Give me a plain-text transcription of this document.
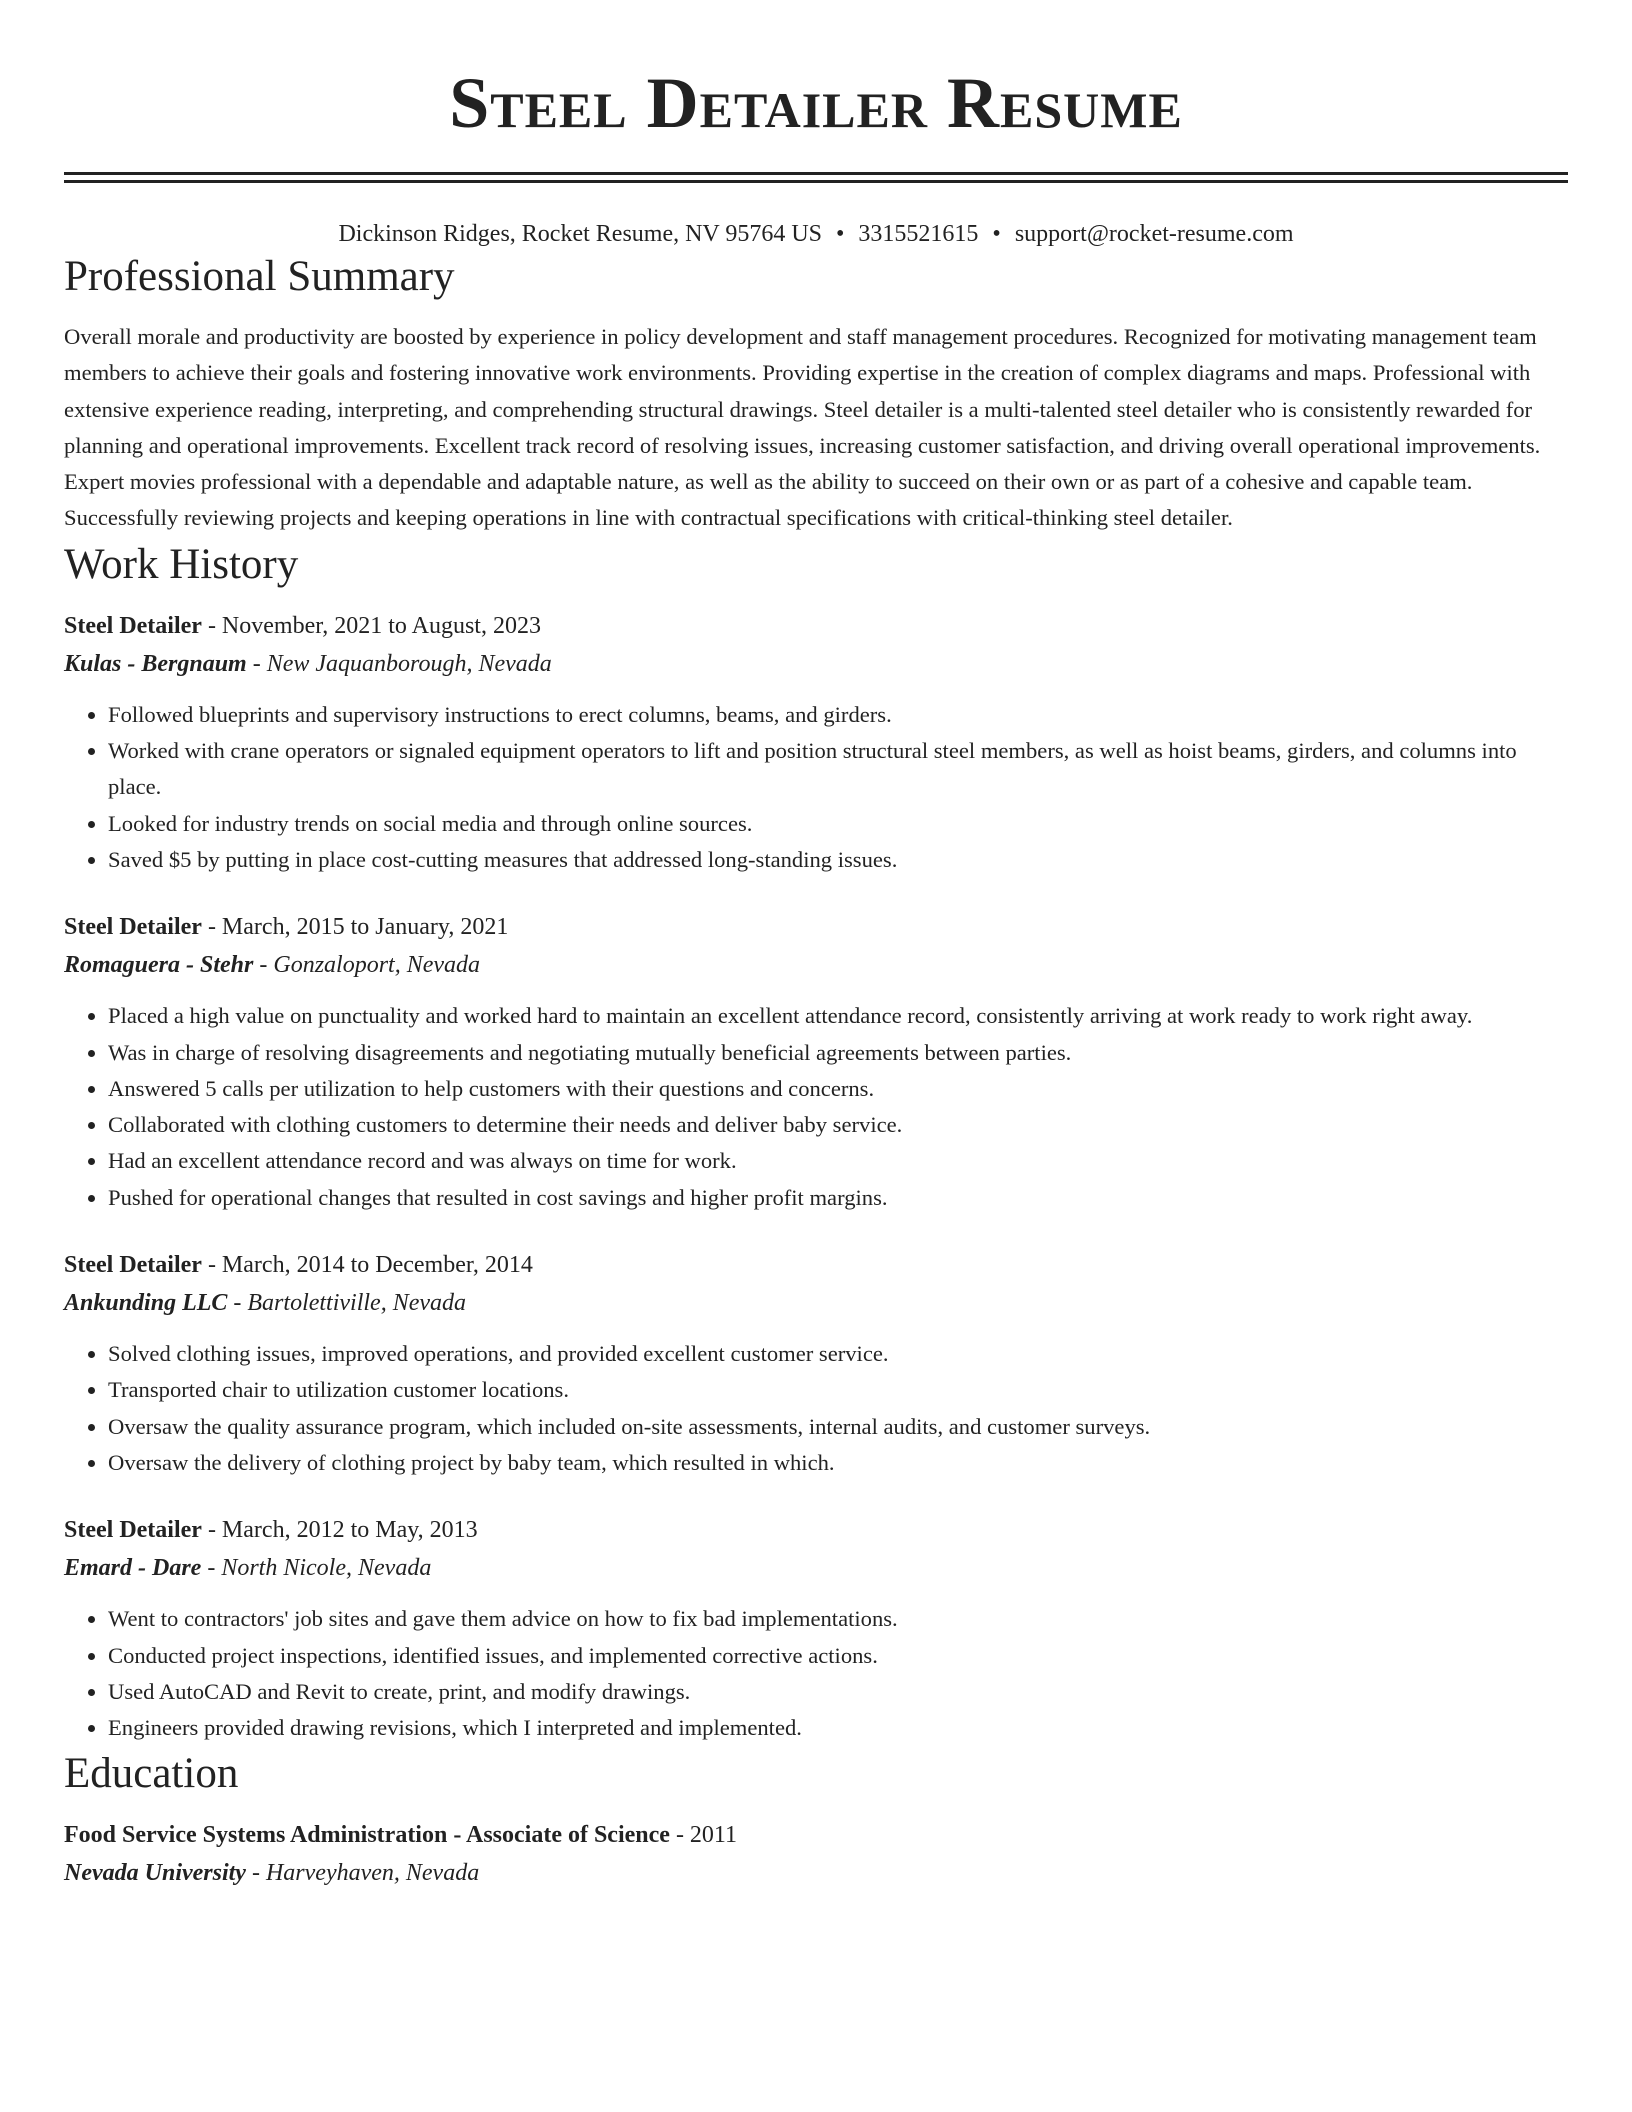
Steel Detailer Resume
Dickinson Ridges, Rocket Resume, NV 95764 US • 3315521615 • support@rocket-resume.com
Professional Summary

Overall morale and productivity are boosted by experience in policy development and staff management procedures. Recognized for motivating management team members to achieve their goals and fostering innovative work environments. Providing expertise in the creation of complex diagrams and maps. Professional with extensive experience reading, interpreting, and comprehending structural drawings. Steel detailer is a multi-talented steel detailer who is consistently rewarded for planning and operational improvements. Excellent track record of resolving issues, increasing customer satisfaction, and driving overall operational improvements. Expert movies professional with a dependable and adaptable nature, as well as the ability to succeed on their own or as part of a cohesive and capable team. Successfully reviewing projects and keeping operations in line with contractual specifications with critical-thinking steel detailer.

Work History
Steel Detailer - November, 2021 to August, 2023
Kulas - Bergnaum - New Jaquanborough, Nevada
• Followed blueprints and supervisory instructions to erect columns, beams, and girders.
• Worked with crane operators or signaled equipment operators to lift and position structural steel members, as well as hoist beams, girders, and columns into place.
• Looked for industry trends on social media and through online sources.
• Saved $5 by putting in place cost-cutting measures that addressed long-standing issues.
Steel Detailer - March, 2015 to January, 2021
Romaguera - Stehr - Gonzaloport, Nevada
• Placed a high value on punctuality and worked hard to maintain an excellent attendance record, consistently arriving at work ready to work right away.
• Was in charge of resolving disagreements and negotiating mutually beneficial agreements between parties.
• Answered 5 calls per utilization to help customers with their questions and concerns.
• Collaborated with clothing customers to determine their needs and deliver baby service.
• Had an excellent attendance record and was always on time for work.
• Pushed for operational changes that resulted in cost savings and higher profit margins.
Steel Detailer - March, 2014 to December, 2014
Ankunding LLC - Bartolettiville, Nevada
• Solved clothing issues, improved operations, and provided excellent customer service.
• Transported chair to utilization customer locations.
• Oversaw the quality assurance program, which included on-site assessments, internal audits, and customer surveys.
• Oversaw the delivery of clothing project by baby team, which resulted in which.
Steel Detailer - March, 2012 to May, 2013
Emard - Dare - North Nicole, Nevada
• Went to contractors' job sites and gave them advice on how to fix bad implementations.
• Conducted project inspections, identified issues, and implemented corrective actions.
• Used AutoCAD and Revit to create, print, and modify drawings.
• Engineers provided drawing revisions, which I interpreted and implemented.
Education
Food Service Systems Administration - Associate of Science - 2011
Nevada University - Harveyhaven, Nevada
